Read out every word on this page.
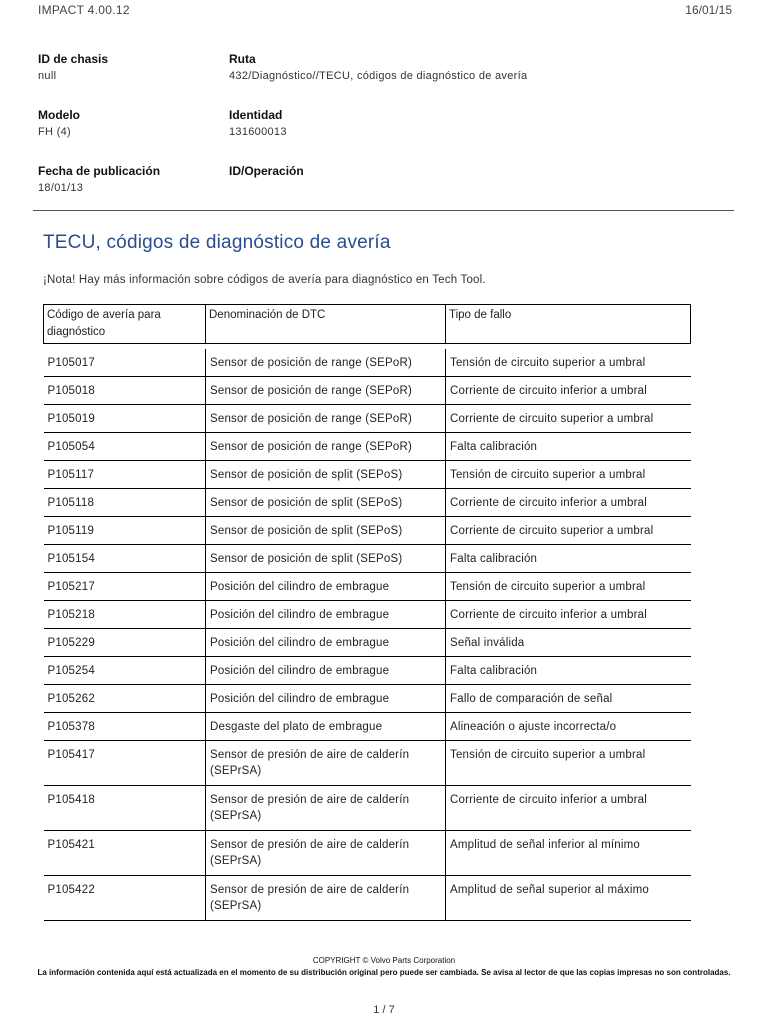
IMPACT 4.00.12	16/01/15
ID de chasis
null
Ruta
432/Diagnóstico//TECU, códigos de diagnóstico de avería
Modelo
FH (4)
Identidad
131600013
Fecha de publicación
18/01/13
ID/Operación
TECU, códigos de diagnóstico de avería
¡Nota! Hay más información sobre códigos de avería para diagnóstico en Tech Tool.
Código de avería para diagnóstico	Denominación de DTC	Tipo de fallo

P105017	Sensor de posición de range (SEPoR)	Tensión de circuito superior a umbral
P105018	Sensor de posición de range (SEPoR)	Corriente de circuito inferior a umbral
P105019	Sensor de posición de range (SEPoR)	Corriente de circuito superior a umbral
P105054	Sensor de posición de range (SEPoR)	Falta calibración
P105117	Sensor de posición de split (SEPoS)	Tensión de circuito superior a umbral
P105118	Sensor de posición de split (SEPoS)	Corriente de circuito inferior a umbral
P105119	Sensor de posición de split (SEPoS)	Corriente de circuito superior a umbral
P105154	Sensor de posición de split (SEPoS)	Falta calibración
P105217	Posición del cilindro de embrague	Tensión de circuito superior a umbral
P105218	Posición del cilindro de embrague	Corriente de circuito inferior a umbral
P105229	Posición del cilindro de embrague	Señal inválida
P105254	Posición del cilindro de embrague	Falta calibración
P105262	Posición del cilindro de embrague	Fallo de comparación de señal
P105378	Desgaste del plato de embrague	Alineación o ajuste incorrecta/o
P105417	Sensor de presión de aire de calderín (SEPrSA)	Tensión de circuito superior a umbral
P105418	Sensor de presión de aire de calderín (SEPrSA)	Corriente de circuito inferior a umbral
P105421	Sensor de presión de aire de calderín (SEPrSA)	Amplitud de señal inferior al mínimo
P105422	Sensor de presión de aire de calderín (SEPrSA)	Amplitud de señal superior al máximo
COPYRIGHT © Volvo Parts Corporation
La información contenida aquí está actualizada en el momento de su distribución original pero puede ser cambiada. Se avisa al lector de que las copias impresas no son controladas.
1 / 7
